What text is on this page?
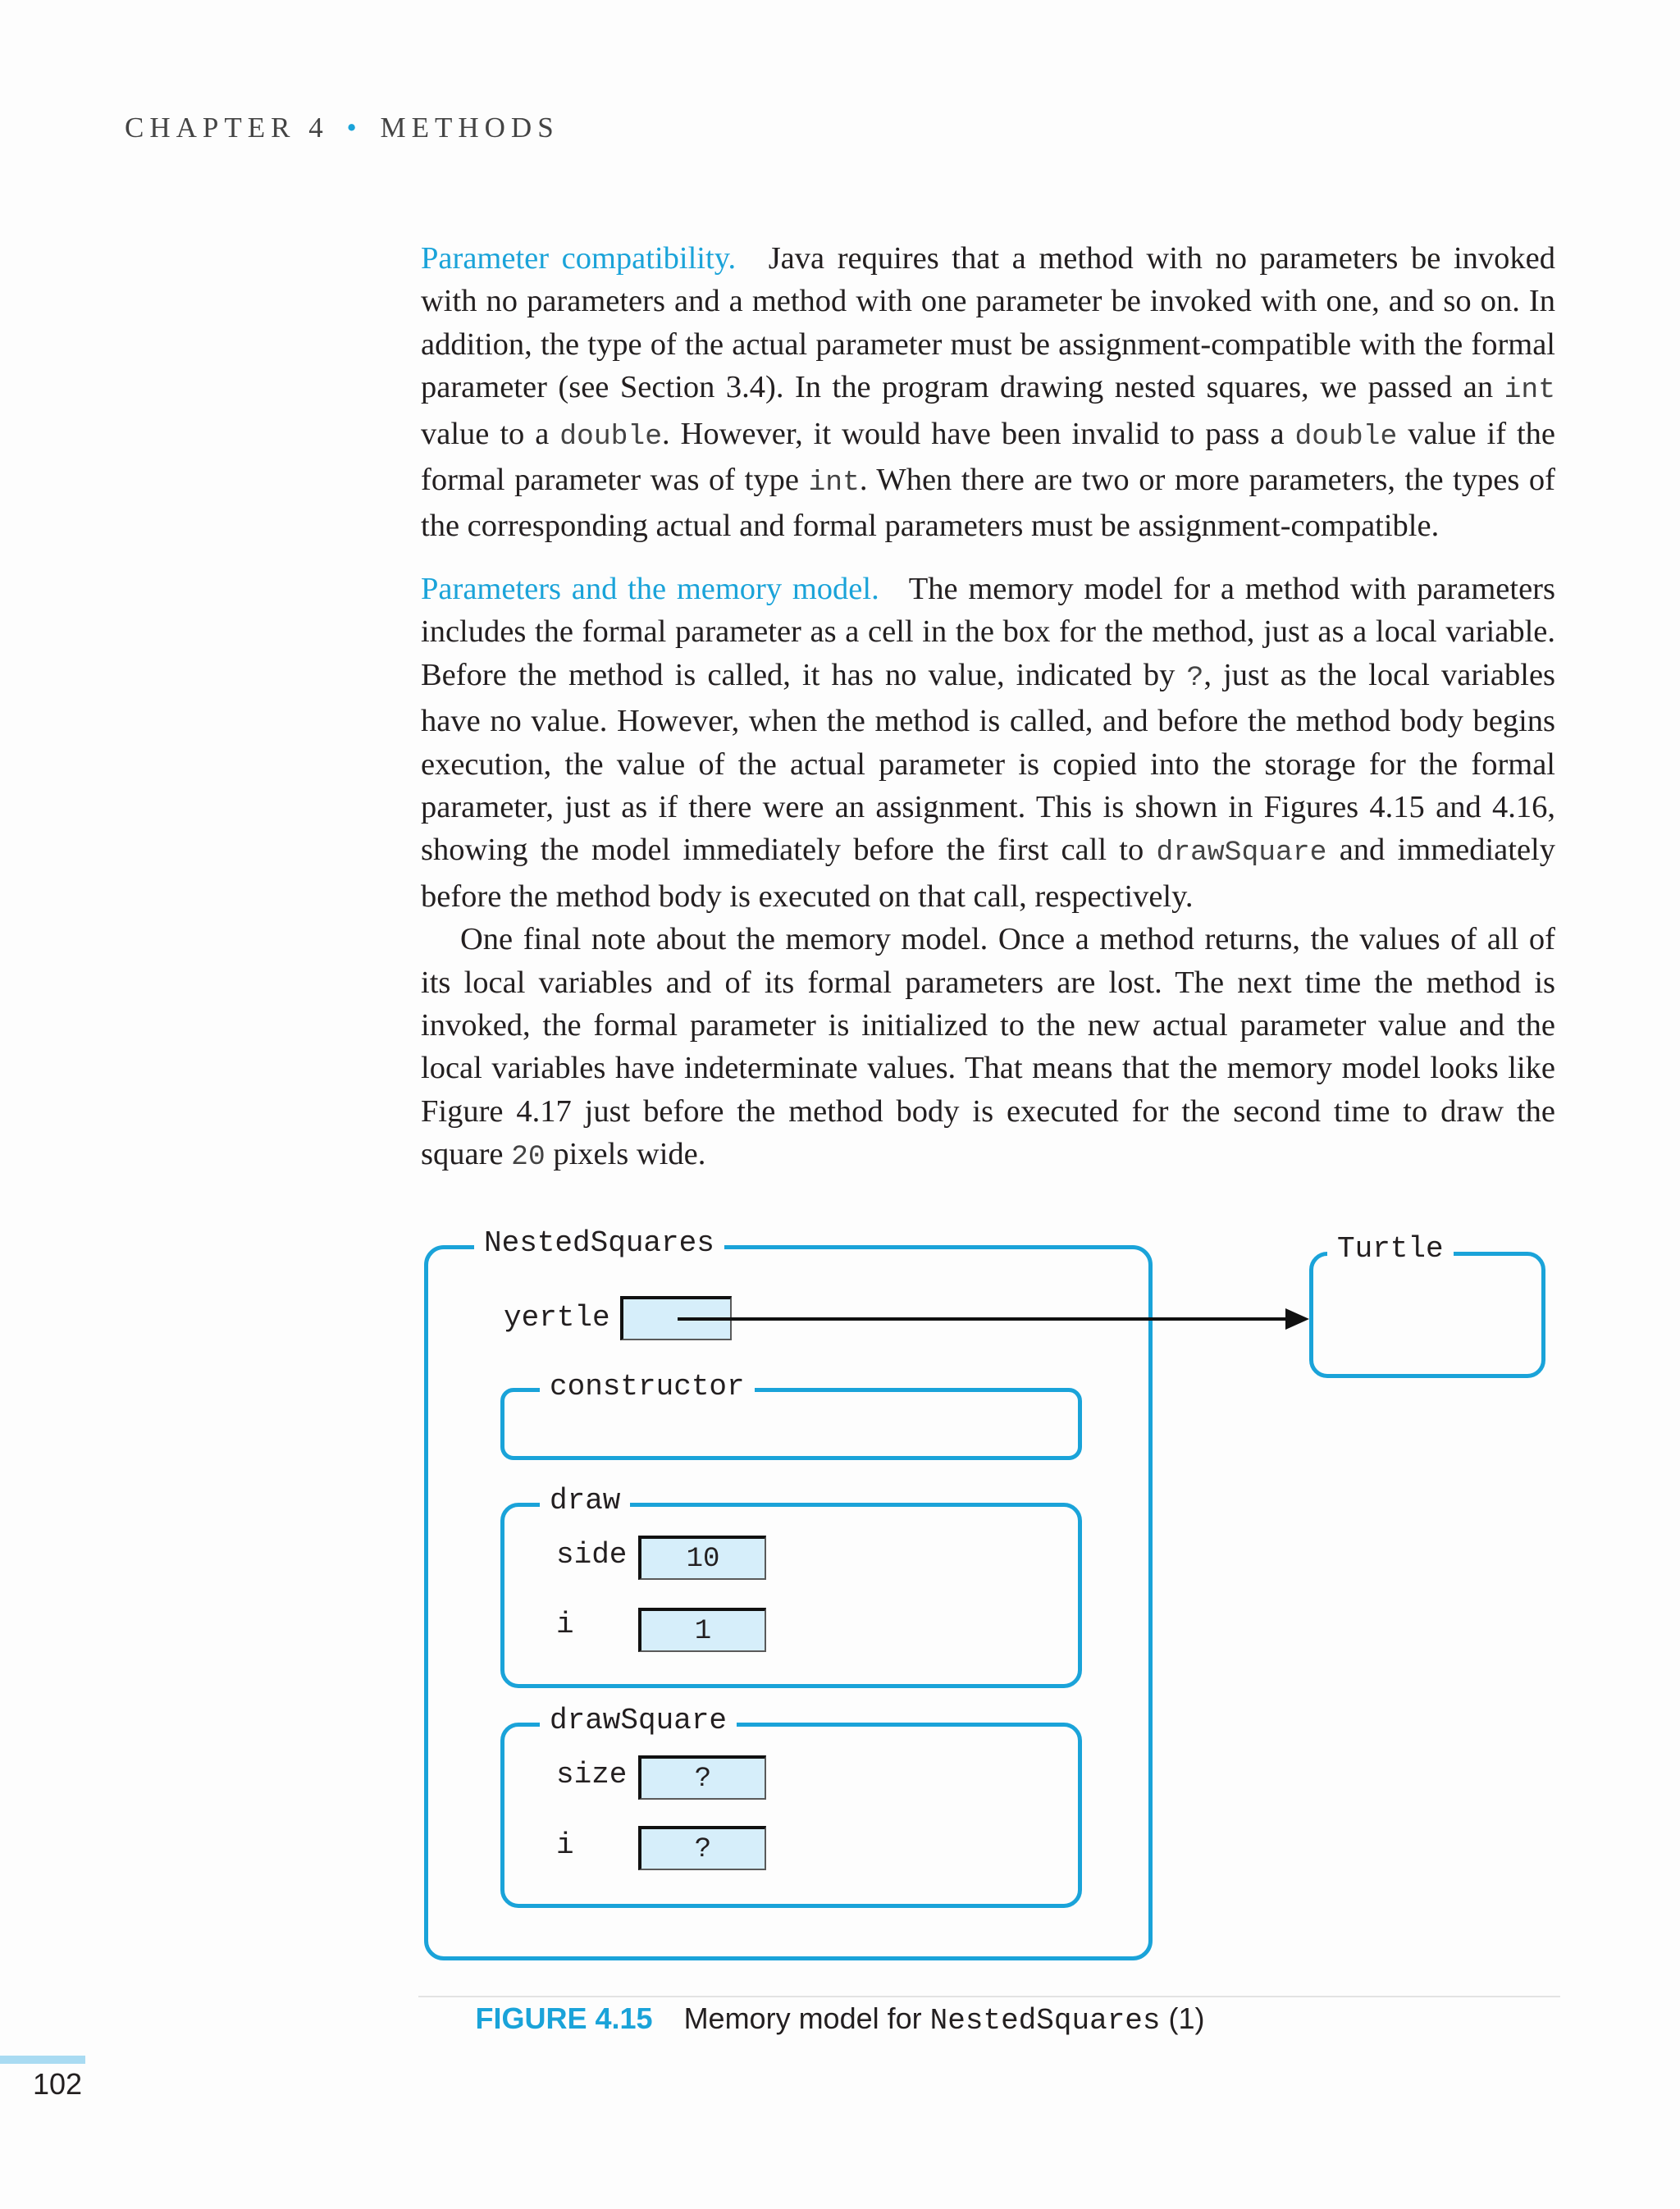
CHAPTER 4 • METHODS

Parameter compatibility. Java requires that a method with no parameters be invoked with no parameters and a method with one parameter be invoked with one, and so on. In addition, the type of the actual parameter must be assignment-compatible with the formal parameter (see Section 3.4). In the program drawing nested squares, we passed an int value to a double. However, it would have been invalid to pass a double value if the formal parameter was of type int. When there are two or more parameters, the types of the corresponding actual and formal parameters must be assignment-compatible.

Parameters and the memory model. The memory model for a method with parameters includes the formal parameter as a cell in the box for the method, just as a local variable. Before the method is called, it has no value, indicated by ?, just as the local variables have no value. However, when the method is called, and before the method body begins execution, the value of the actual parameter is copied into the storage for the formal parameter, just as if there were an assignment. This is shown in Figures 4.15 and 4.16, showing the model immediately before the first call to drawSquare and immediately before the method body is executed on that call, respectively.

One final note about the memory model. Once a method returns, the values of all of its local variables and of its formal parameters are lost. The next time the method is invoked, the formal parameter is initialized to the new actual parameter value and the local variables have indeterminate values. That means that the memory model looks like Figure 4.17 just before the method body is executed for the second time to draw the square 20 pixels wide.

NestedSquares
yertle
Turtle
constructor
draw
side	10
i	1
drawSquare
size	?
i	?
FIGURE 4.15 Memory model for NestedSquares (1)
102
